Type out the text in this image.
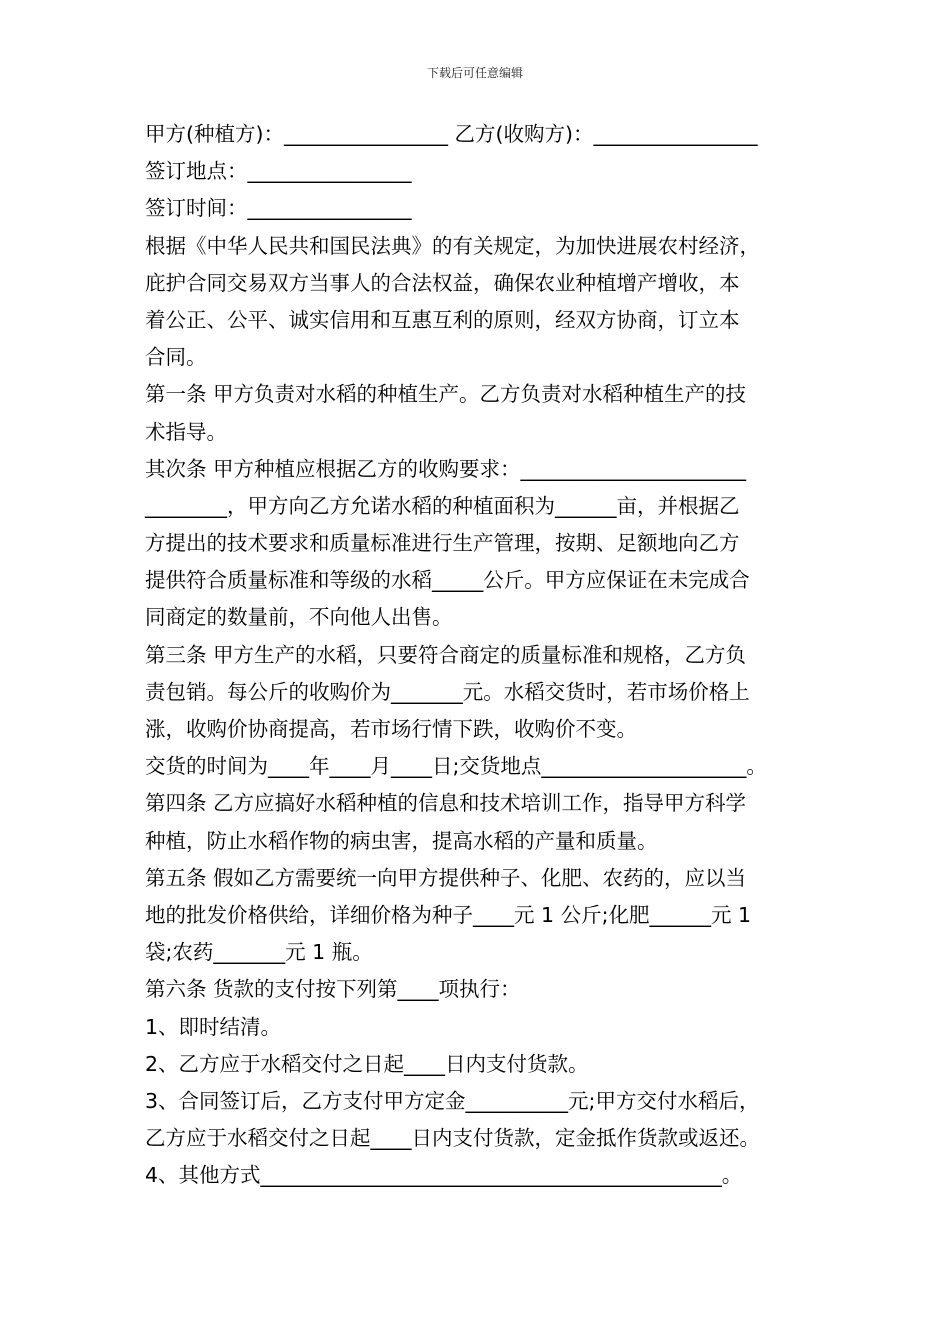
下载后可任意编辑
甲方(种植方)：________________ 乙方(收购方)：________________
签订地点：________________
签订时间：________________
根据《中华人民共和国民法典》的有关规定，为加快进展农村经济，
庇护合同交易双方当事人的合法权益，确保农业种植增产增收，本
着公正、公平、诚实信用和互惠互利的原则，经双方协商，订立本
合同。
第一条 甲方负责对水稻的种植生产。乙方负责对水稻种植生产的技
术指导。
其次条 甲方种植应根据乙方的收购要求：______________________
________，甲方向乙方允诺水稻的种植面积为______亩，并根据乙
方提出的技术要求和质量标准进行生产管理，按期、足额地向乙方
提供符合质量标准和等级的水稻_____公斤。甲方应保证在未完成合
同商定的数量前，不向他人出售。
第三条 甲方生产的水稻，只要符合商定的质量标准和规格，乙方负
责包销。每公斤的收购价为_______元。水稻交货时，若市场价格上
涨，收购价协商提高，若市场行情下跌，收购价不变。
交货的时间为____年____月____日;交货地点____________________。
第四条 乙方应搞好水稻种植的信息和技术培训工作，指导甲方科学
种植，防止水稻作物的病虫害，提高水稻的产量和质量。
第五条 假如乙方需要统一向甲方提供种子、化肥、农药的，应以当
地的批发价格供给，详细价格为种子____元 1 公斤;化肥______元 1
袋;农药_______元 1 瓶。
第六条 货款的支付按下列第____项执行：
1、即时结清。
2、乙方应于水稻交付之日起____日内支付货款。
3、合同签订后，乙方支付甲方定金__________元;甲方交付水稻后，
乙方应于水稻交付之日起____日内支付货款，定金抵作货款或返还。
4、其他方式_____________________________________________。
